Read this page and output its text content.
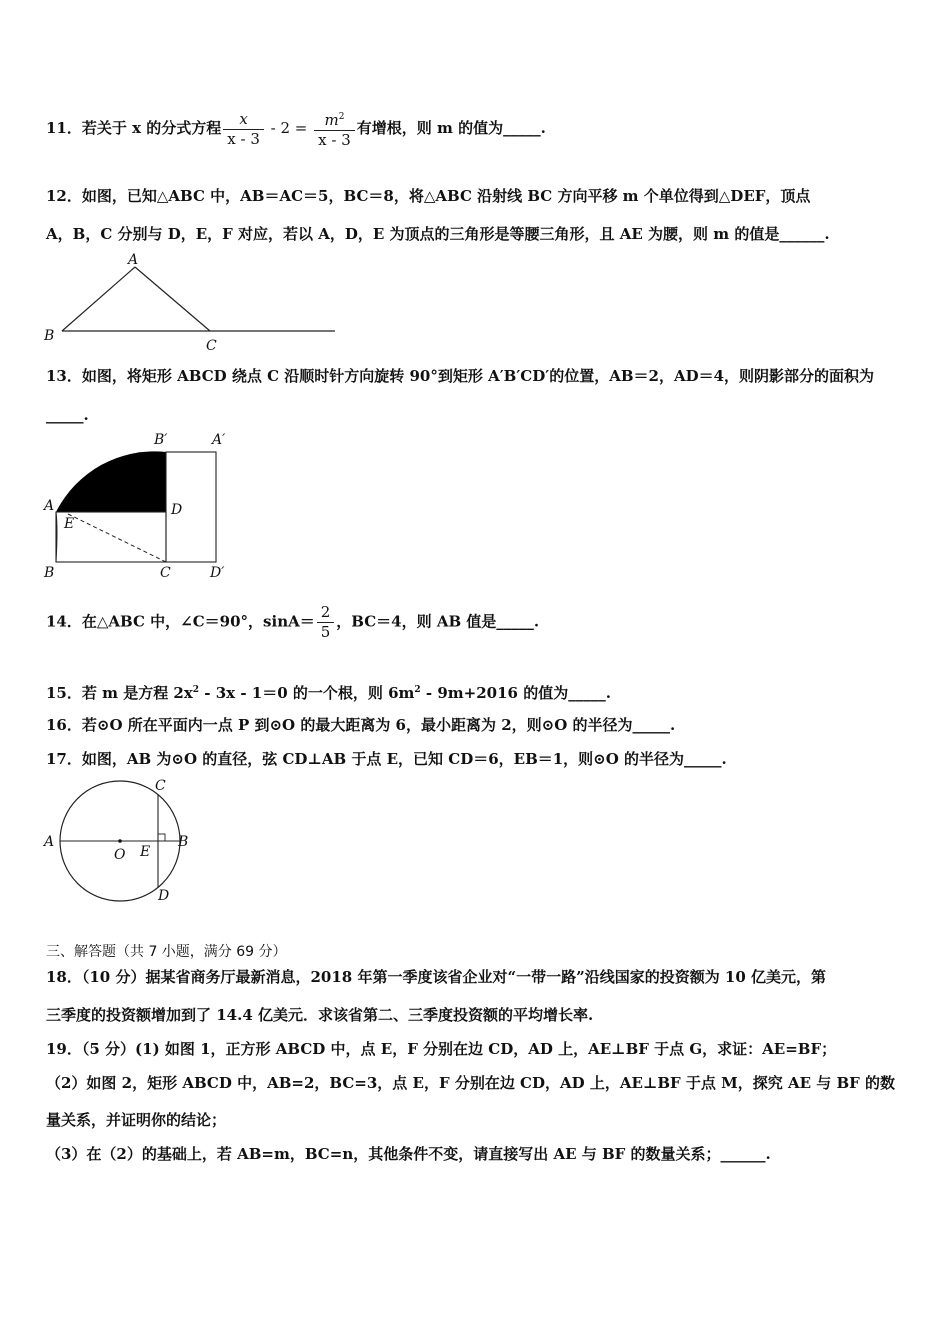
11．若关于 x 的分式方程 $\frac{x}{x - 3} - 2 = \frac{m^2}{x - 3}$ 有增根，则 m 的值为_____.
12．如图，已知△ABC 中，AB＝AC＝5，BC＝8，将△ABC 沿射线 BC 方向平移 m 个单位得到△DEF，顶点
A，B，C 分别与 D，E，F 对应，若以 A，D，E 为顶点的三角形是等腰三角形，且 AE 为腰，则 m 的值是______.
A
B
C
13．如图，将矩形 ABCD 绕点 C 沿顺时针方向旋转 90°到矩形 A′B′CD′的位置，AB＝2，AD＝4，则阴影部分的面积为
_____.
B′	A′
A
E
D
B	C	D′
14．在△ABC 中，∠C＝90°，$\sin A= \frac{2}{5}$ ，BC＝4，则 AB 值是_____.
15．若 m 是方程 $2x^2 - 3x - 1=0$ 的一个根，则 $6m^2 - 9m+2016$ 的值为_____.
16．若⊙O 所在平面内一点 P 到⊙O 的最大距离为 6，最小距离为 2，则⊙O 的半径为_____.
17．如图，AB 为⊙O 的直径，弦 CD⊥AB 于点 E，已知 CD＝6，EB＝1，则⊙O 的半径为_____.
C
A	B
O E
D
三、解答题（共 7 小题，满分 69 分）
18．（10 分）据某省商务厅最新消息，2018 年第一季度该省企业对“一带一路”沿线国家的投资额为 10 亿美元，第
三季度的投资额增加到了 14.4 亿美元．求该省第二、三季度投资额的平均增长率.
19．（5 分）(1) 如图 1，正方形 ABCD 中，点 E，F 分别在边 CD，AD 上，AE⊥BF 于点 G，求证：AE=BF；
（2）如图 2，矩形 ABCD 中，AB=2，BC=3，点 E，F 分别在边 CD，AD 上，AE⊥BF 于点 M，探究 AE 与 BF 的数
量关系，并证明你的结论；
（3）在（2）的基础上，若 AB=m，BC=n，其他条件不变，请直接写出 AE 与 BF 的数量关系；______.
